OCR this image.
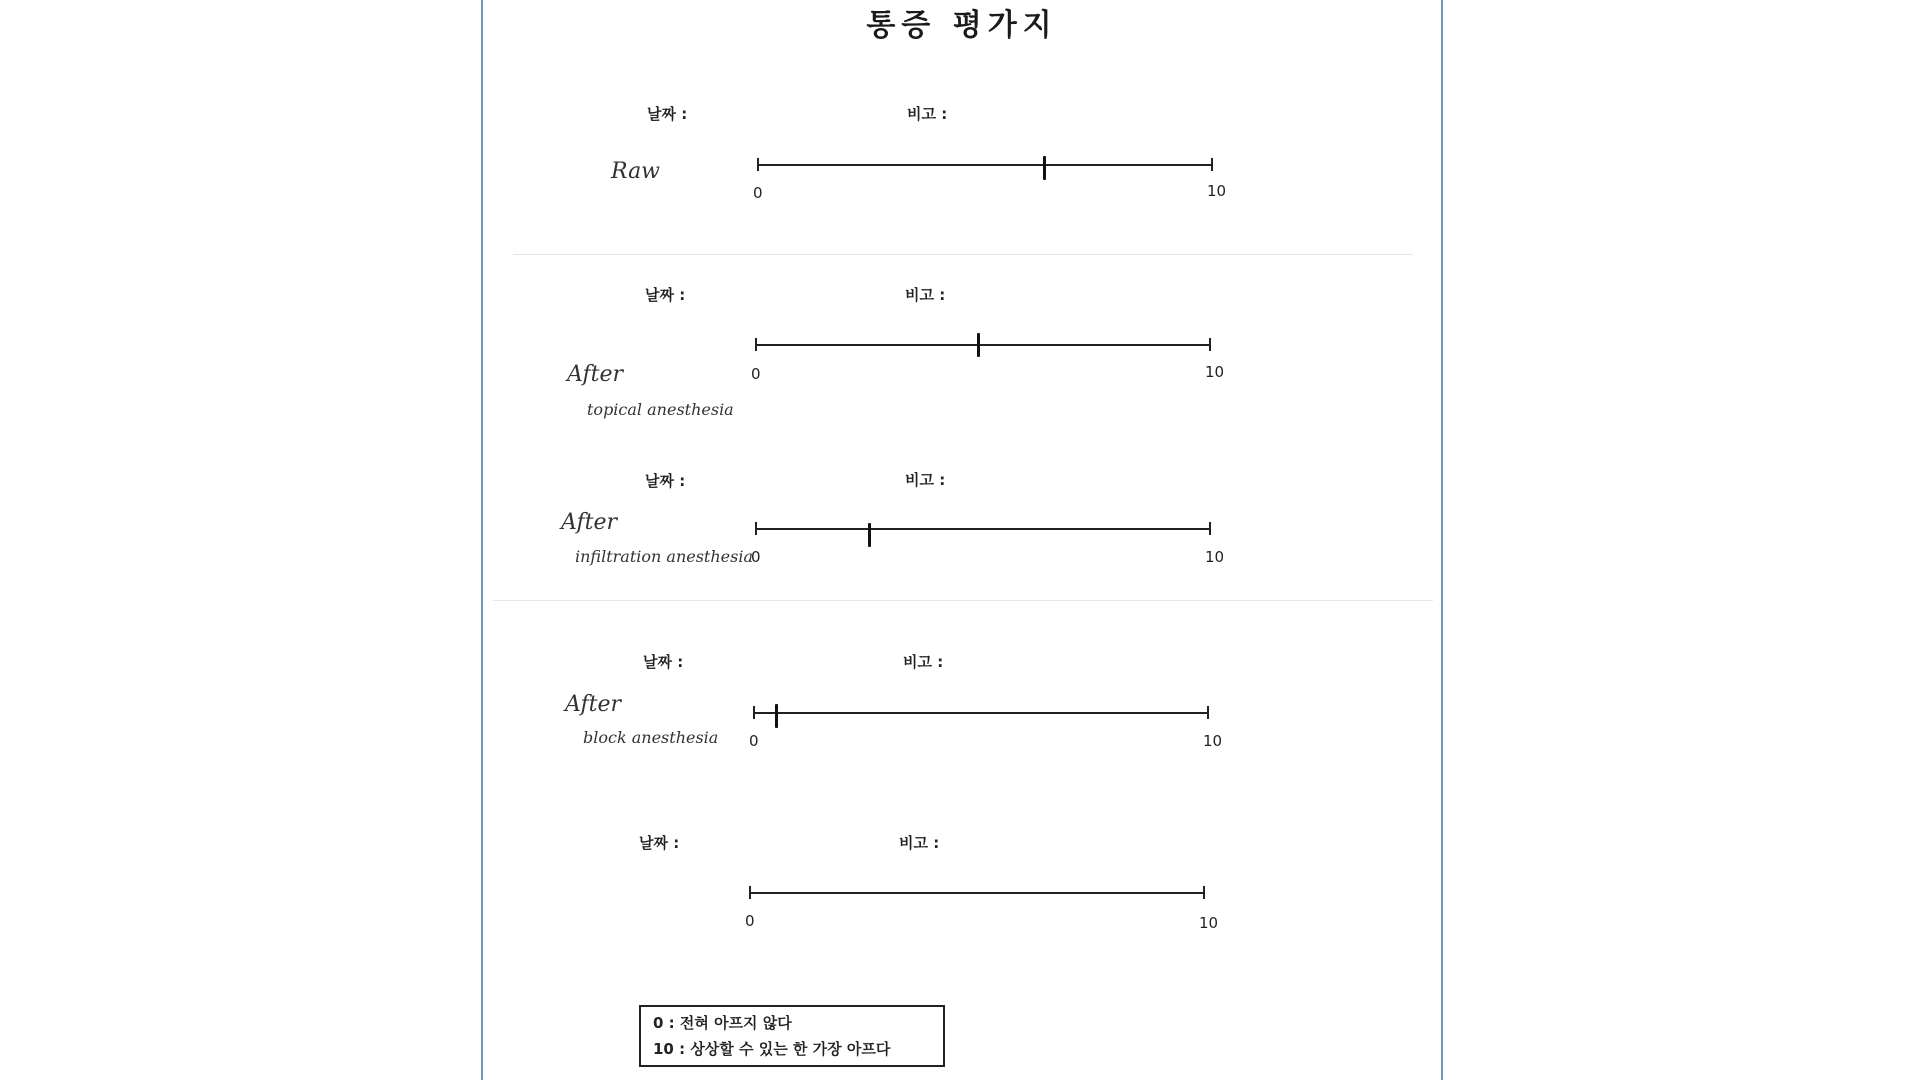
통증 평가지
날짜 :	비고 :
Raw
0	10
날짜 :	비고 :
After
topical anesthesia
0	10
날짜 :	비고 :
After
infiltration anesthesia
0	10
날짜 :	비고 :
After
block anesthesia 0	10
날짜 :	비고 :
0	10
0 : 전혀 아프지 않다
10 : 상상할 수 있는 한 가장 아프다
